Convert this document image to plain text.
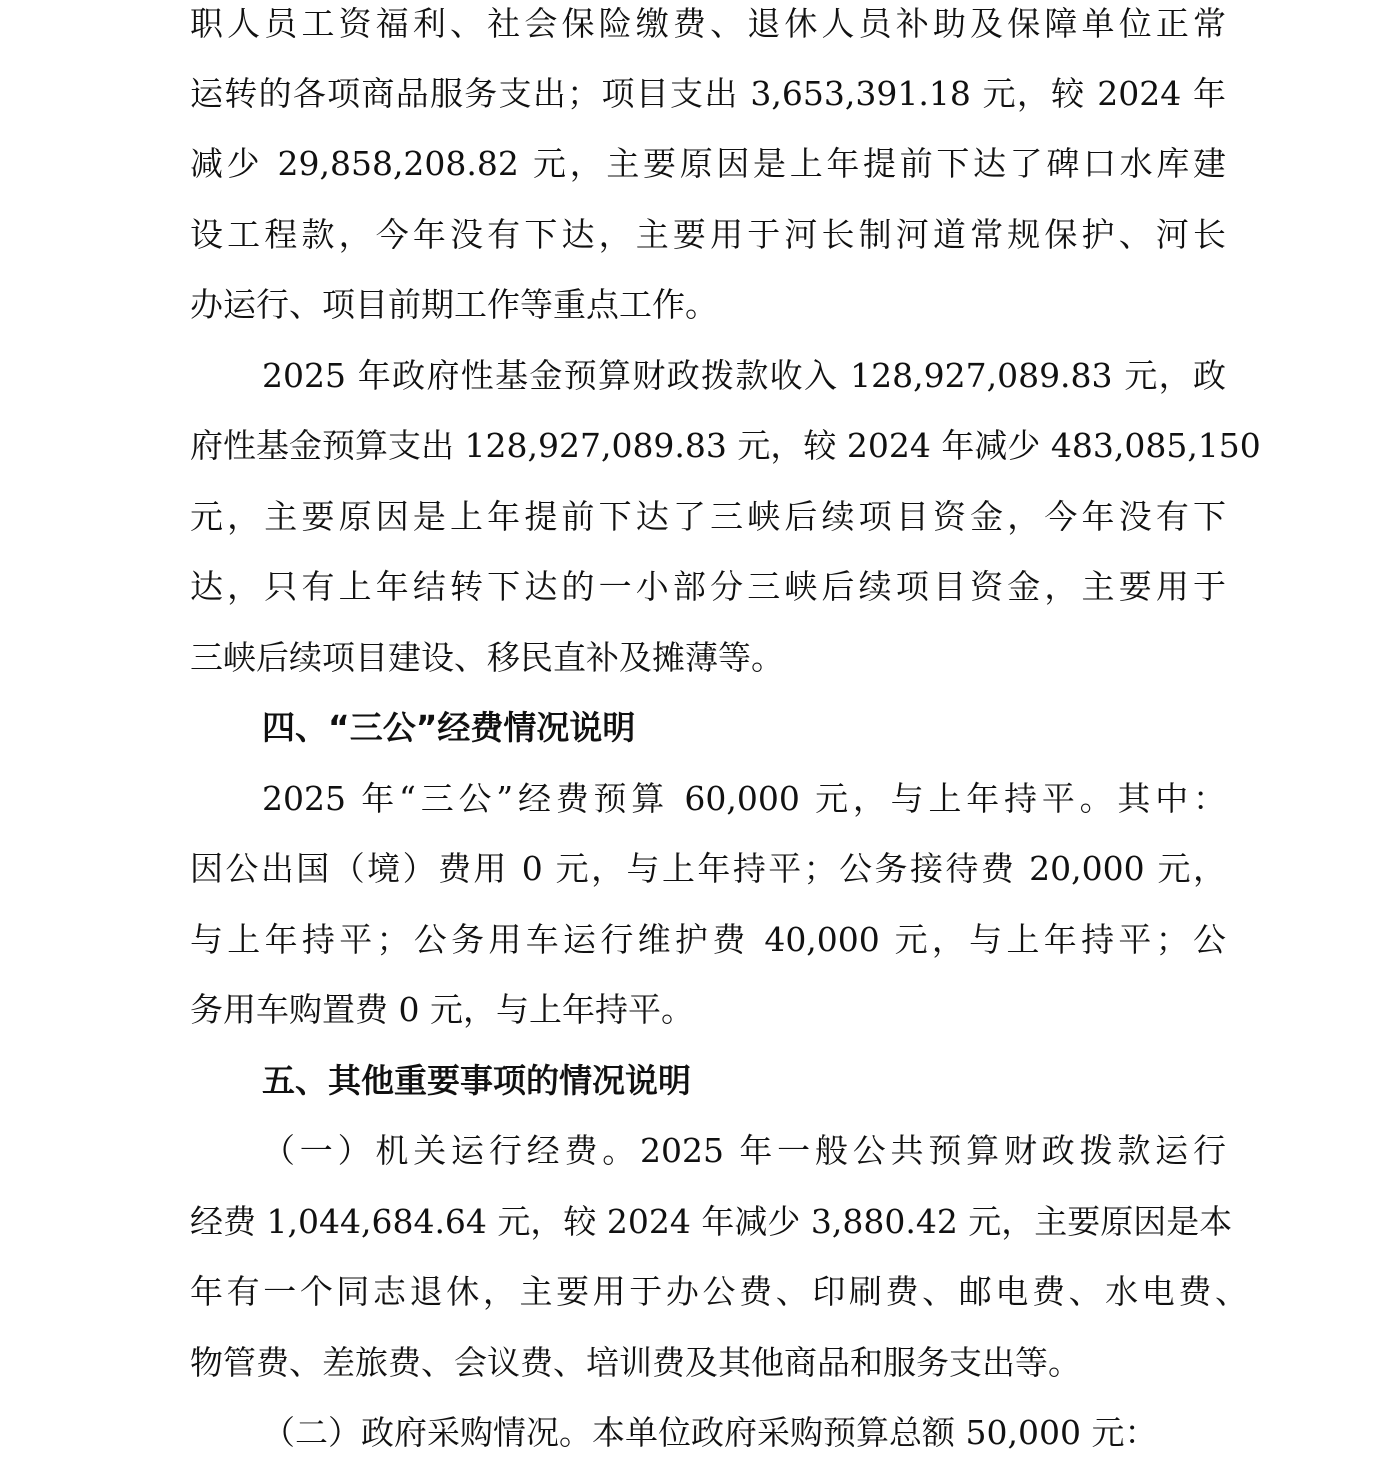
职人员工资福利、社会保险缴费、退休人员补助及保障单位正常
运转的各项商品服务支出；项目支出 3,653,391.18 元，较 2024 年
减少 29,858,208.82 元，主要原因是上年提前下达了碑口水库建
设工程款，今年没有下达，主要用于河长制河道常规保护、河长
办运行、项目前期工作等重点工作。
2025 年政府性基金预算财政拨款收入 128,927,089.83 元，政
府性基金预算支出 128,927,089.83 元，较 2024 年减少 483,085,150
元，主要原因是上年提前下达了三峡后续项目资金，今年没有下
达，只有上年结转下达的一小部分三峡后续项目资金，主要用于
三峡后续项目建设、移民直补及摊薄等。
四、“三公”经费情况说明
2025 年“三公”经费预算 60,000 元，与上年持平。其中：
因公出国（境）费用 0 元，与上年持平；公务接待费 20,000 元，
与上年持平；公务用车运行维护费 40,000 元，与上年持平；公
务用车购置费 0 元，与上年持平。
五、其他重要事项的情况说明
（一）机关运行经费。2025 年一般公共预算财政拨款运行
经费 1,044,684.64 元，较 2024 年减少 3,880.42 元，主要原因是本
年有一个同志退休，主要用于办公费、印刷费、邮电费、水电费、
物管费、差旅费、会议费、培训费及其他商品和服务支出等。
（二）政府采购情况。本单位政府采购预算总额 50,000 元：
